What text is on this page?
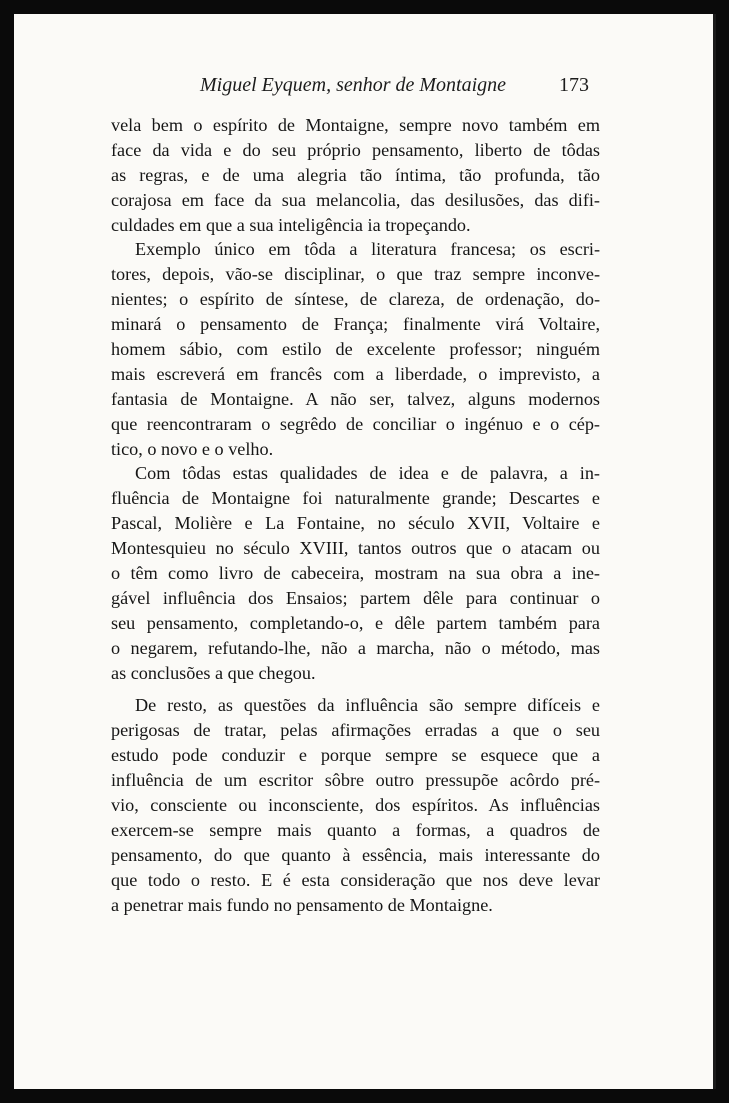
Miguel Eyquem, senhor de Montaigne	173
vela bem o espírito de Montaigne, sempre novo também em
face da vida e do seu próprio pensamento, liberto de tôdas
as regras, e de uma alegria tão íntima, tão profunda, tão
corajosa em face da sua melancolia, das desilusões, das difi-
culdades em que a sua inteligência ia tropeçando.
Exemplo único em tôda a literatura francesa; os escri-
tores, depois, vão-se disciplinar, o que traz sempre inconve-
nientes; o espírito de síntese, de clareza, de ordenação, do-
minará o pensamento de França; finalmente virá Voltaire,
homem sábio, com estilo de excelente professor; ninguém
mais escreverá em francês com a liberdade, o imprevisto, a
fantasia de Montaigne. A não ser, talvez, alguns modernos
que reencontraram o segrêdo de conciliar o ingénuo e o cép-
tico, o novo e o velho.
Com tôdas estas qualidades de idea e de palavra, a in-
fluência de Montaigne foi naturalmente grande; Descartes e
Pascal, Molière e La Fontaine, no século XVII, Voltaire e
Montesquieu no século XVIII, tantos outros que o atacam ou
o têm como livro de cabeceira, mostram na sua obra a ine-
gável influência dos Ensaios; partem dêle para continuar o
seu pensamento, completando-o, e dêle partem também para
o negarem, refutando-lhe, não a marcha, não o método, mas
as conclusões a que chegou.
De resto, as questões da influência são sempre difíceis e
perigosas de tratar, pelas afirmações erradas a que o seu
estudo pode conduzir e porque sempre se esquece que a
influência de um escritor sôbre outro pressupõe acôrdo pré-
vio, consciente ou inconsciente, dos espíritos. As influências
exercem-se sempre mais quanto a formas, a quadros de
pensamento, do que quanto à essência, mais interessante do
que todo o resto. E é esta consideração que nos deve levar
a penetrar mais fundo no pensamento de Montaigne.
